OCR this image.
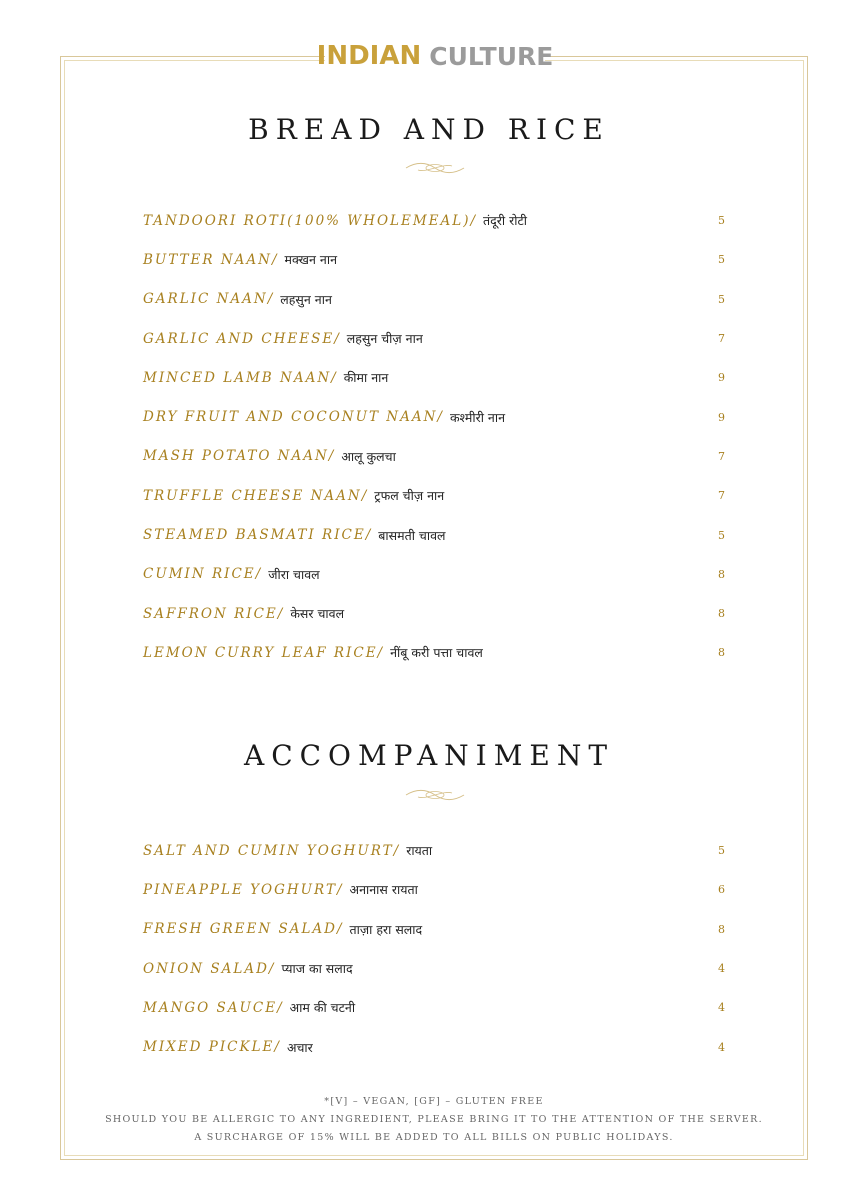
INDIAN CULTURE
BREAD AND RICE
TANDOORI ROTI(100% WHOLEMEAL)/ तंदूरी रोटी	5
BUTTER NAAN/ मक्खन नान	5
GARLIC NAAN/ लहसुन नान	5
GARLIC AND CHEESE/ लहसुन चीज़ नान	7
MINCED LAMB NAAN/ कीमा नान	9
DRY FRUIT AND COCONUT NAAN/ कश्मीरी नान	9
MASH POTATO NAAN/ आलू कुलचा	7
TRUFFLE CHEESE NAAN/ ट्रफल चीज़ नान	7
STEAMED BASMATI RICE/ बासमती चावल	5
CUMIN RICE/ जीरा चावल	8
SAFFRON RICE/ केसर चावल	8
LEMON CURRY LEAF RICE/ नींबू करी पत्ता चावल	8
ACCOMPANIMENT
SALT AND CUMIN YOGHURT/ रायता	5
PINEAPPLE YOGHURT/ अनानास रायता	6
FRESH GREEN SALAD/ ताज़ा हरा सलाद	8
ONION SALAD/ प्याज का सलाद	4
MANGO SAUCE/ आम की चटनी	4
MIXED PICKLE/ अचार	4
*[V] – VEGAN, [GF] – GLUTEN FREE
SHOULD YOU BE ALLERGIC TO ANY INGREDIENT, PLEASE BRING IT TO THE ATTENTION OF THE SERVER.
A SURCHARGE OF 15% WILL BE ADDED TO ALL BILLS ON PUBLIC HOLIDAYS.
